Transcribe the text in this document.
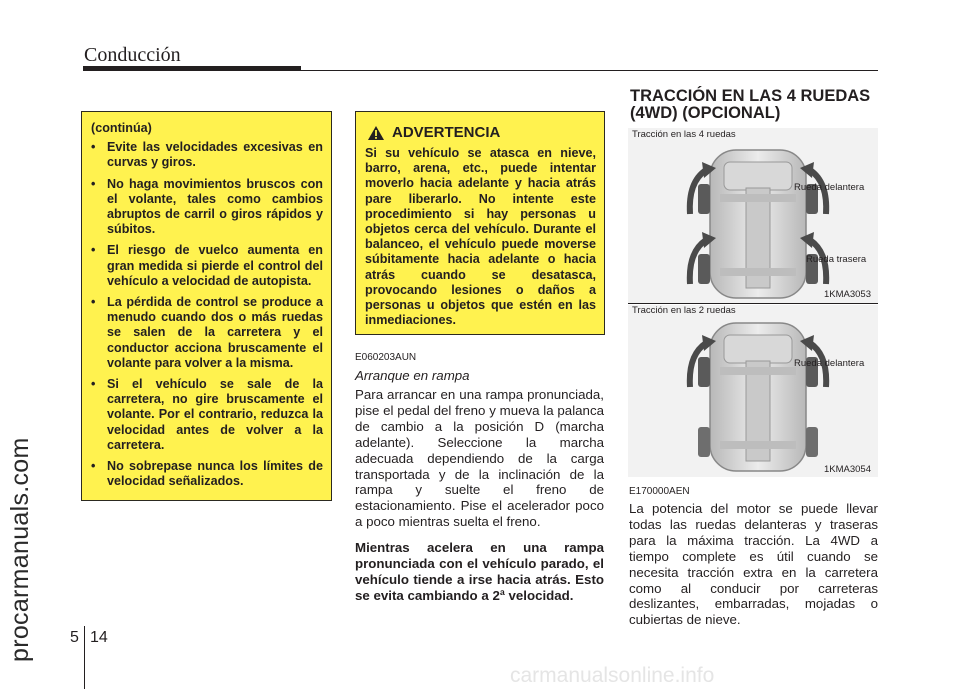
Conducción
procarmanuals.com
(continúa)
• Evite las velocidades excesivas en curvas y giros.
• No haga movimientos bruscos con el volante, tales como cambios abruptos de carril o giros rápidos y súbitos.
• El riesgo de vuelco aumenta en gran medida si pierde el control del vehículo a velocidad de autopista.
• La pérdida de control se produce a menudo cuando dos o más ruedas se salen de la carretera y el conductor acciona bruscamente el volante para volver a la misma.
• Si el vehículo se sale de la carretera, no gire bruscamente el volante. Por el contrario, reduzca la velocidad antes de volver a la carretera.
• No sobrepase nunca los límites de velocidad señalizados.
ADVERTENCIA
Si su vehículo se atasca en nieve, barro, arena, etc., puede intentar moverlo hacia adelante y hacia atrás pare liberarlo. No intente este procedimiento si hay personas u objetos cerca del vehículo. Durante el balanceo, el vehículo puede moverse súbitamente hacia adelante o hacia atrás cuando se desatasca, provocando lesiones o daños a personas u objetos que estén en las inmediaciones.
E060203AUN
Arranque en rampa
Para arrancar en una rampa pronunciada, pise el pedal del freno y mueva la palanca de cambio a la posición D (marcha adelante). Seleccione la marcha adecuada dependiendo de la carga transportada y de la inclinación de la rampa y suelte el freno de estacionamiento. Pise el acelerador poco a poco mientras suelta el freno.
Mientras acelera en una rampa pronunciada con el vehículo parado, el vehículo tiende a irse hacia atrás. Esto se evita cambiando a 2ª velocidad.
TRACCIÓN EN LAS 4 RUEDAS (4WD) (OPCIONAL)
Tracción en las 4 ruedas
Rueda delantera
Rueda trasera
1KMA3053
Tracción en las 2 ruedas
Rueda delantera
1KMA3054
E170000AEN
La potencia del motor se puede llevar todas las ruedas delanteras y traseras para la máxima tracción. La 4WD a tiempo complete es útil cuando se necesita tracción extra en la carretera como al conducir por carreteras deslizantes, embarradas, mojadas o cubiertas de nieve.
5 14
carmanualsonline.info
